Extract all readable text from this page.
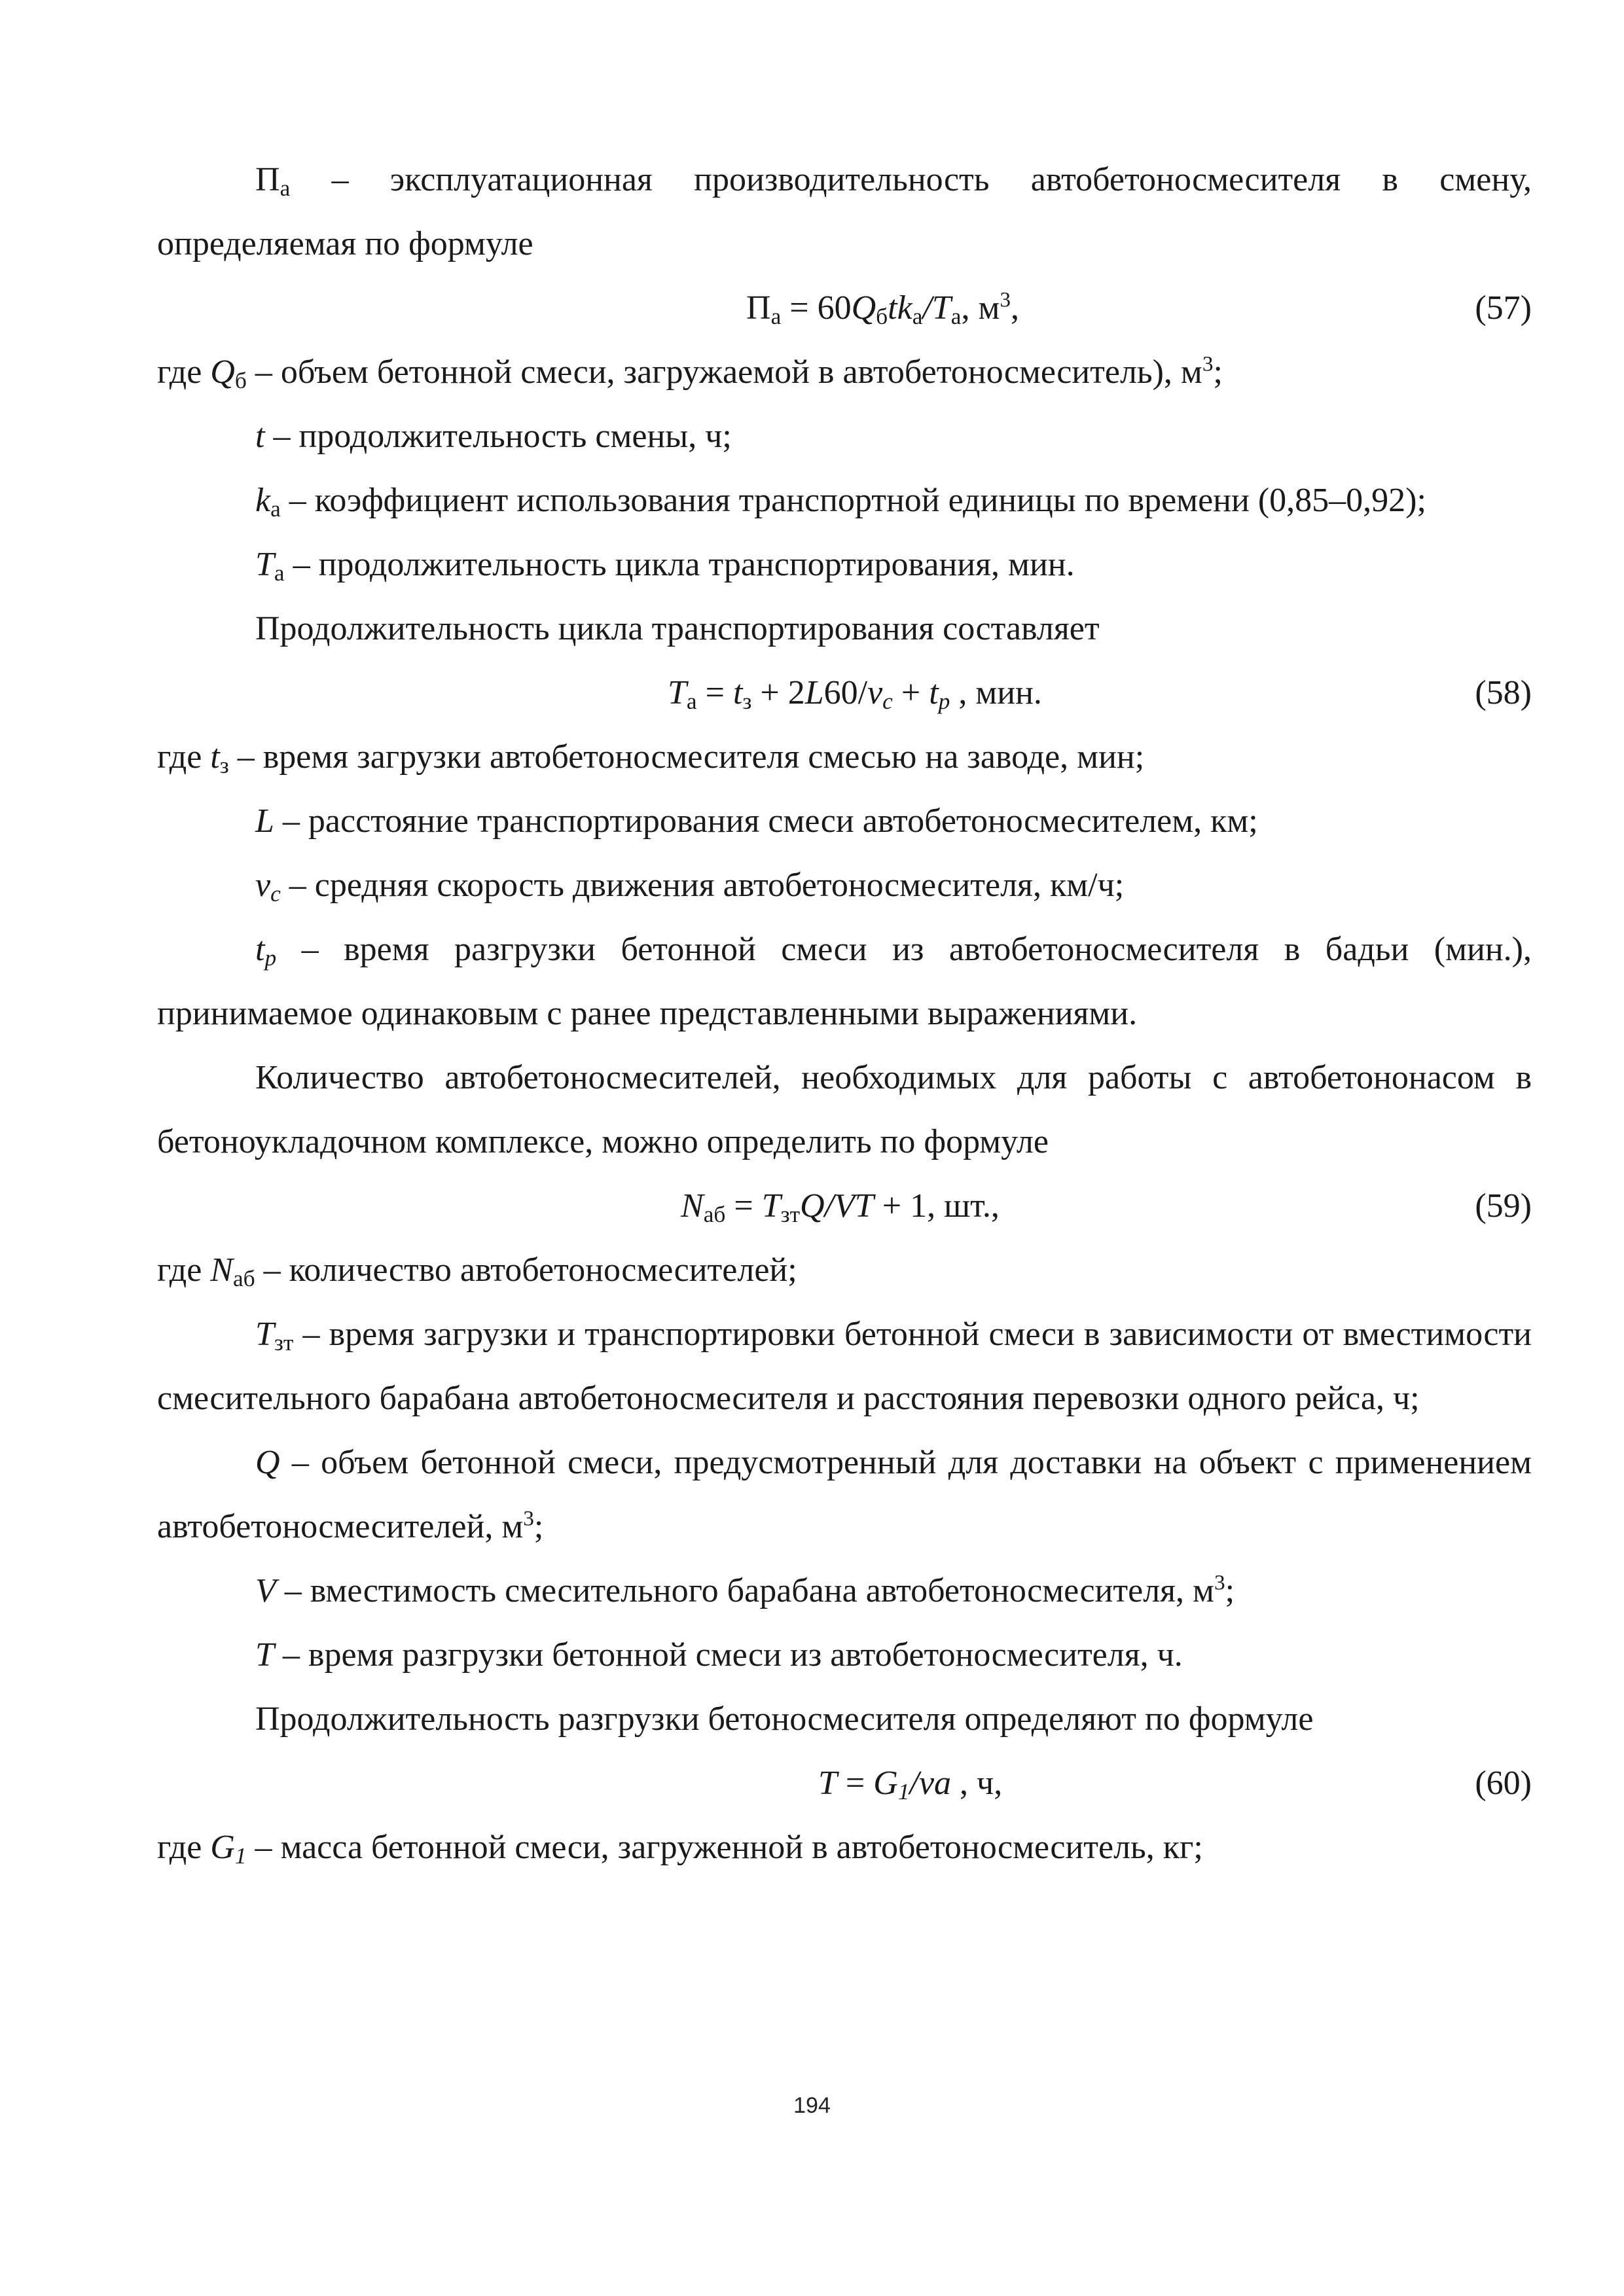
$П_а$ – эксплуатационная производительность автобетоносмесителя в смену, определяемая по формуле

$П_а = 60Q_бtk_а/T_а$, $м^3$,	(57)

где $Q_б$ – объем бетонной смеси, загружаемой в автобетоносмеситель), $м^3$;

t – продолжительность смены, ч;

$k_а$ – коэффициент использования транспортной единицы по времени (0,85–0,92);

$T_а$ – продолжительность цикла транспортирования, мин.

Продолжительность цикла транспортирования составляет

$T_а = t_з + 2L60/v_c + t_p$ , мин.	(58)

где $t_з$ – время загрузки автобетоносмесителя смесью на заводе, мин;

L – расстояние транспортирования смеси автобетоносмесителем, км;

$v_c$ – средняя скорость движения автобетоносмесителя, км/ч;

$t_p$ – время разгрузки бетонной смеси из автобетоносмесителя в бадьи (мин.), принимаемое одинаковым с ранее представленными выражениями.

Количество автобетоносмесителей, необходимых для работы с автобетононасом в бетоноукладочном комплексе, можно определить по формуле

$N_{аб} = T_{зт}Q/VT + 1$, шт.,	(59)

где $N_{аб}$ – количество автобетоносмесителей;

$T_{зт}$ – время загрузки и транспортировки бетонной смеси в зависимости от вместимости смесительного барабана автобетоносмесителя и расстояния перевозки одного рейса, ч;

Q – объем бетонной смеси, предусмотренный для доставки на объект с применением автобетоносмесителей, $м^3$;

V – вместимость смесительного барабана автобетоносмесителя, $м^3$;

T – время разгрузки бетонной смеси из автобетоносмесителя, ч.

Продолжительность разгрузки бетоносмесителя определяют по формуле

$T = G_1/va$ , ч,	(60)

где $G_1$ – масса бетонной смеси, загруженной в автобетоносмеситель, кг;

194
